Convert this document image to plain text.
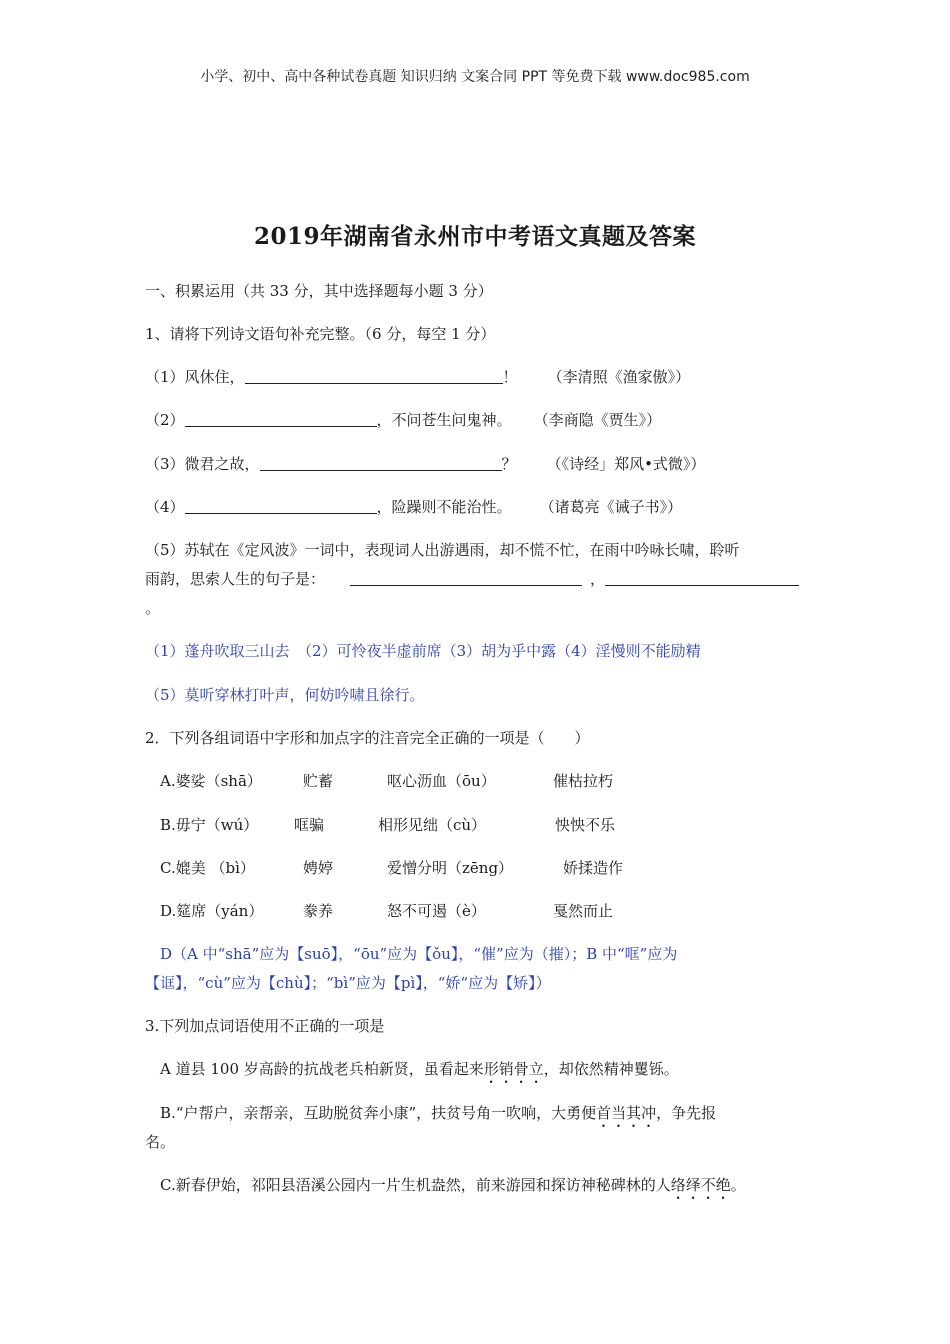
小学、初中、高中各种试卷真题 知识归纳 文案合同 PPT 等免费下载 www.doc985.com
2019年湖南省永州市中考语文真题及答案
一、积累运用（共 33 分，其中选择题每小题 3 分）
1、请将下列诗文语句补充完整。（6 分，每空 1 分）
（1）风休住，	！ （李清照《渔家傲》）
（2）	，不问苍生问鬼神。 （李商隐《贾生》）
（3）微君之故，	？ （《诗经」郑风•式微》）
（4）	，险躁则不能治性。 （诸葛亮《诫子书》）
（5）苏轼在《定风波》一词中，表现词人出游遇雨，却不慌不忙，在雨中吟咏长啸，聆听
雨韵，思索人生的句子是：	，
。
（1）蓬舟吹取三山去　（2）可怜夜半虚前席（3）胡为乎中露（4）淫慢则不能励精
（5）莫听穿林打叶声，何妨吟啸且徐行。
2．下列各组词语中字形和加点字的注音完全正确的一项是（　　）
A.婆娑（shā）	贮蓄	呕心沥血（ōu）	催枯拉朽
B.毋宁（wú） 哐骗	相形见绌（cù）	怏怏不乐
C.媲美 （bì）	娉婷	爱憎分明（zēng）	娇揉造作
D.筵席（yán）	豢养	怒不可遏（è）	戛然而止
D（A 中“shā”应为【suō】，“ōu”应为【ǒu】，“催”应为（摧）；B 中“哐”应为
【诓】，“cù”应为【chù】；“bì”应为【pì】，“娇“应为【矫】）
3.下列加点词语使用不正确的一项是
A 道县 100 岁高龄的抗战老兵柏新贤，虽看起来形销骨立，却依然精神矍铄。
B.“户帮户，亲帮亲，互助脱贫奔小康”，扶贫号角一吹响，大勇便首当其冲，争先报
名。
C.新春伊始，祁阳县浯溪公园内一片生机盎然，前来游园和探访神秘碑林的人络绎不绝。
